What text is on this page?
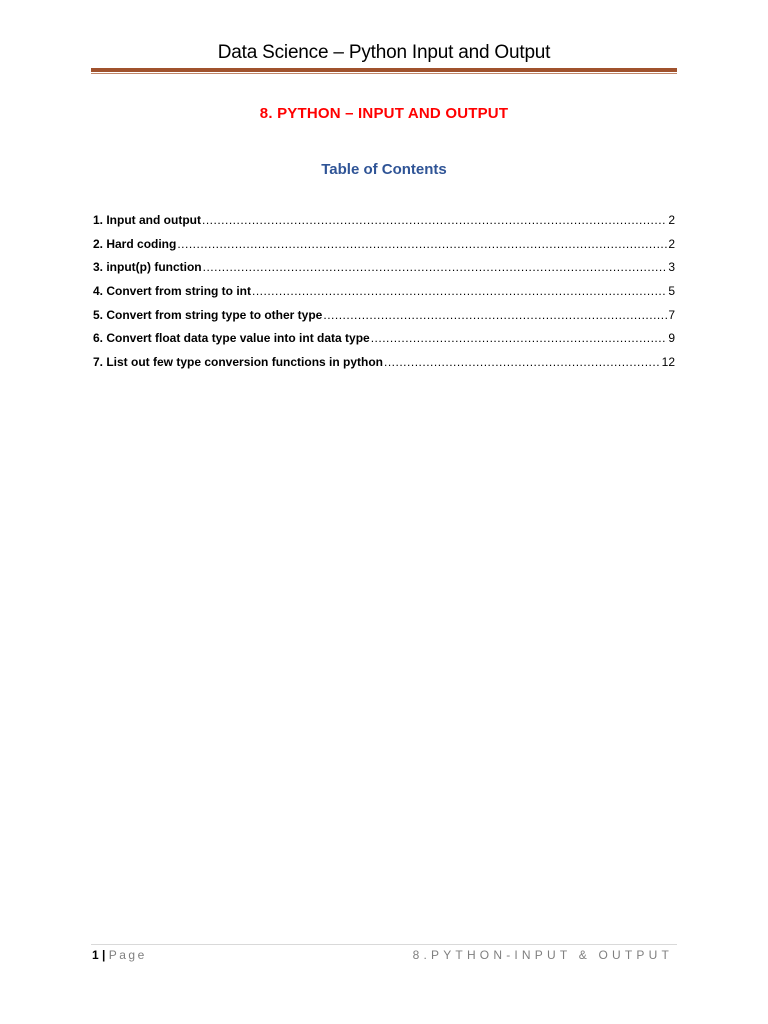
Data Science – Python Input and Output
8. PYTHON – INPUT AND OUTPUT
Table of Contents
1. Input and output .....	2
2. Hard coding .....	2
3. input(p) function .....	3
4. Convert from string to int .....	5
5. Convert from string type to other type .....	7
6. Convert float data type value into int data type .....	9
7. List out few type conversion functions in python .....	12
1 | Page	8.PYTHON-INPUT & OUTPUT
